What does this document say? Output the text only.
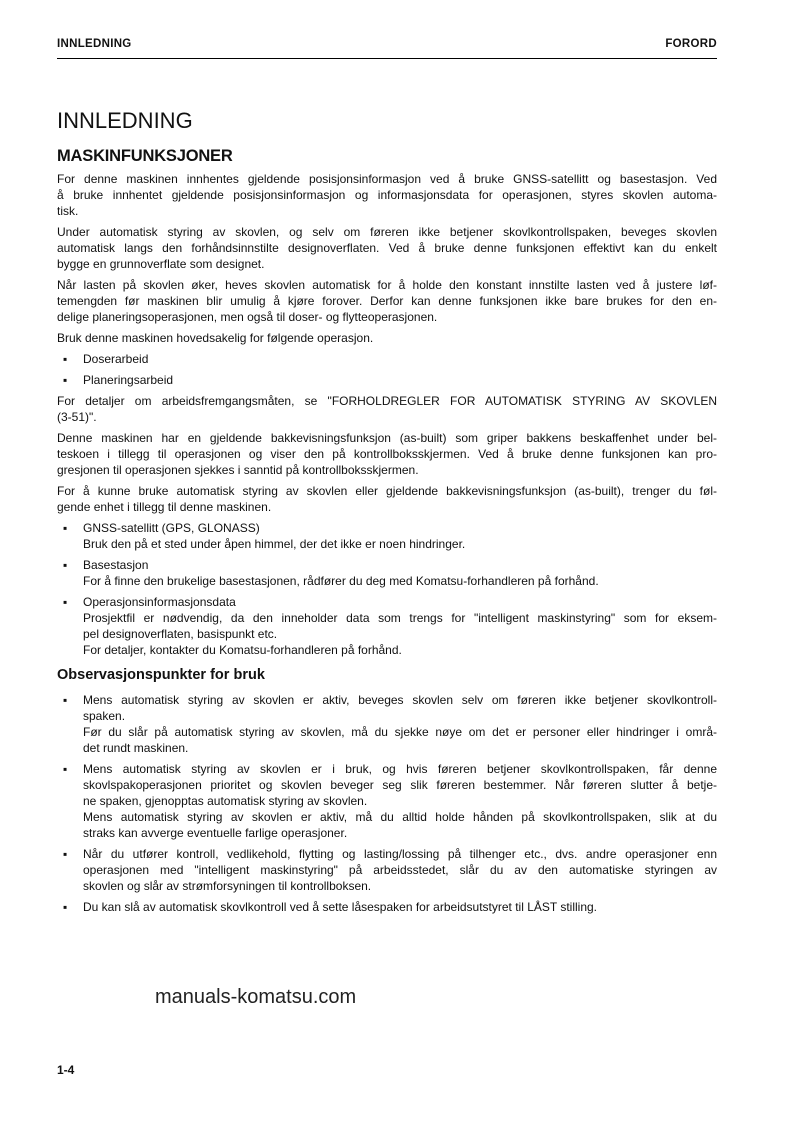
INNLEDNING	FORORD
INNLEDNING
MASKINFUNKSJONER
For denne maskinen innhentes gjeldende posisjonsinformasjon ved å bruke GNSS-satellitt og basestasjon. Ved
å bruke innhentet gjeldende posisjonsinformasjon og informasjonsdata for operasjonen, styres skovlen automa-
tisk.
Under automatisk styring av skovlen, og selv om føreren ikke betjener skovlkontrollspaken, beveges skovlen
automatisk langs den forhåndsinnstilte designoverflaten. Ved å bruke denne funksjonen effektivt kan du enkelt
bygge en grunnoverflate som designet.
Når lasten på skovlen øker, heves skovlen automatisk for å holde den konstant innstilte lasten ved å justere løf-
temengden før maskinen blir umulig å kjøre forover. Derfor kan denne funksjonen ikke bare brukes for den en-
delige planeringsoperasjonen, men også til doser- og flytteoperasjonen.
Bruk denne maskinen hovedsakelig for følgende operasjon.
▪ Doserarbeid
▪ Planeringsarbeid
For detaljer om arbeidsfremgangsmåten, se "FORHOLDREGLER FOR AUTOMATISK STYRING AV SKOVLEN
(3-51)".
Denne maskinen har en gjeldende bakkevisningsfunksjon (as-built) som griper bakkens beskaffenhet under bel-
teskoen i tillegg til operasjonen og viser den på kontrollboksskjermen. Ved å bruke denne funksjonen kan pro-
gresjonen til operasjonen sjekkes i sanntid på kontrollboksskjermen.
For å kunne bruke automatisk styring av skovlen eller gjeldende bakkevisningsfunksjon (as-built), trenger du føl-
gende enhet i tillegg til denne maskinen.
▪ GNSS-satellitt (GPS, GLONASS)
Bruk den på et sted under åpen himmel, der det ikke er noen hindringer.
▪ Basestasjon
For å finne den brukelige basestasjonen, rådfører du deg med Komatsu-forhandleren på forhånd.
▪ Operasjonsinformasjonsdata
Prosjektfil er nødvendig, da den inneholder data som trengs for "intelligent maskinstyring" som for eksem-
pel designoverflaten, basispunkt etc.
For detaljer, kontakter du Komatsu-forhandleren på forhånd.
Observasjonspunkter for bruk
▪ Mens automatisk styring av skovlen er aktiv, beveges skovlen selv om føreren ikke betjener skovlkontroll-
spaken.
Før du slår på automatisk styring av skovlen, må du sjekke nøye om det er personer eller hindringer i områ-
det rundt maskinen.
▪ Mens automatisk styring av skovlen er i bruk, og hvis føreren betjener skovlkontrollspaken, får denne
skovlspakoperasjonen prioritet og skovlen beveger seg slik føreren bestemmer. Når føreren slutter å betje-
ne spaken, gjenopptas automatisk styring av skovlen.
Mens automatisk styring av skovlen er aktiv, må du alltid holde hånden på skovlkontrollspaken, slik at du
straks kan avverge eventuelle farlige operasjoner.
▪ Når du utfører kontroll, vedlikehold, flytting og lasting/lossing på tilhenger etc., dvs. andre operasjoner enn
operasjonen med "intelligent maskinstyring" på arbeidsstedet, slår du av den automatiske styringen av
skovlen og slår av strømforsyningen til kontrollboksen.
▪ Du kan slå av automatisk skovlkontroll ved å sette låsespaken for arbeidsutstyret til LÅST stilling.
manuals-komatsu.com
1-4
